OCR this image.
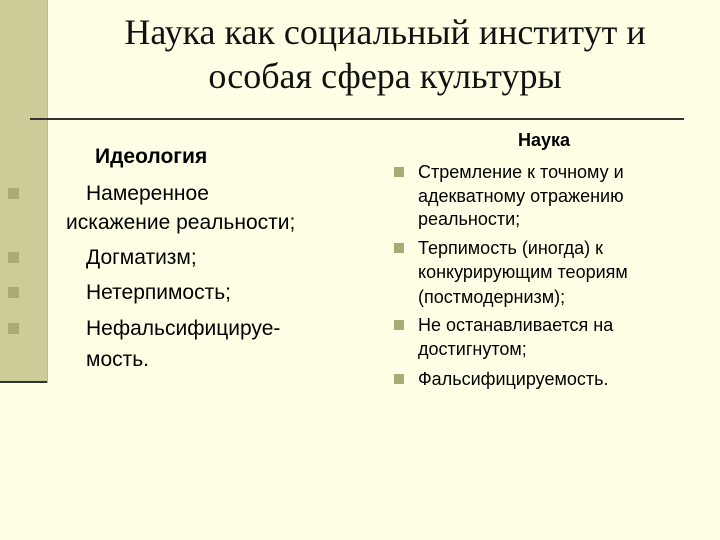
Наука как социальный институт и
особая сфера культуры
Идеология
Намеренное
искажение реальности;
Догматизм;
Нетерпимость;
Нефальсифицируе-
мость.
Наука
Стремление к точному и
адекватному отражению
реальности;
Терпимость (иногда) к
конкурирующим теориям
(постмодернизм);
Не останавливается на
достигнутом;
Фальсифицируемость.
